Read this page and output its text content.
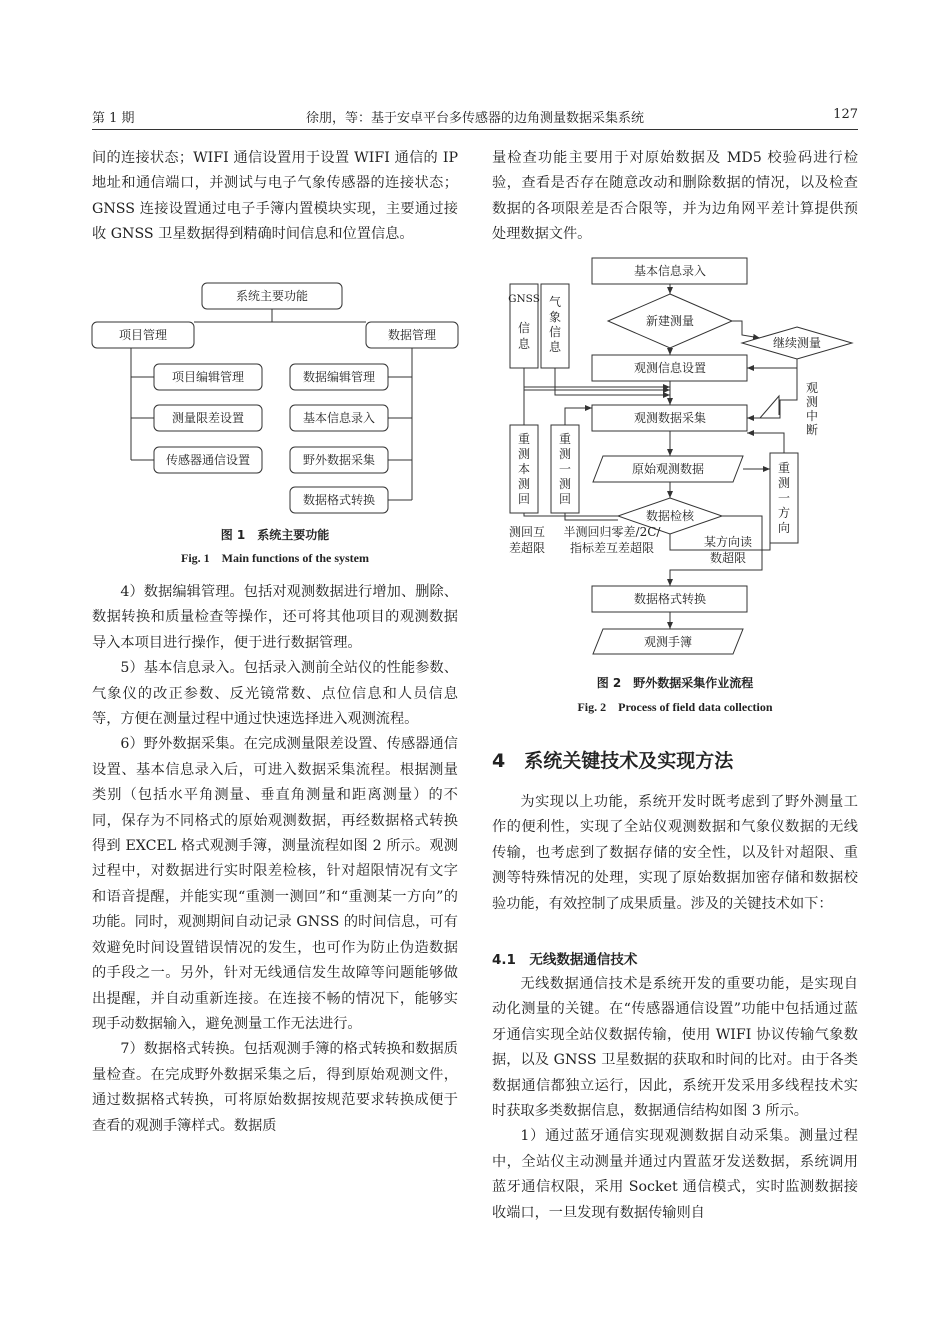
第 1 期	徐朋，等：基于安卓平台多传感器的边角测量数据采集系统	127

间的连接状态；WIFI 通信设置用于设置 WIFI 通信的 IP 地址和通信端口，并测试与电子气象传感器的连接状态；GNSS 连接设置通过电子手簿内置模块实现，主要通过接收 GNSS 卫星数据得到精确时间信息和位置信息。

系统主要功能
项目管理	数据管理
项目编辑管理
测量限差设置
传感器通信设置
数据编辑管理
基本信息录入
野外数据采集
数据格式转换
图 1　系统主要功能
Fig. 1　Main functions of the system

4）数据编辑管理。包括对观测数据进行增加、删除、数据转换和质量检查等操作，还可将其他项目的观测数据导入本项目进行操作，便于进行数据管理。

5）基本信息录入。包括录入测前全站仪的性能参数、气象仪的改正参数、反光镜常数、点位信息和人员信息等，方便在测量过程中通过快速选择进入观测流程。

6）野外数据采集。在完成测量限差设置、传感器通信设置、基本信息录入后，可进入数据采集流程。根据测量类别（包括水平角测量、垂直角测量和距离测量）的不同，保存为不同格式的原始观测数据，再经数据格式转换得到 EXCEL 格式观测手簿，测量流程如图 2 所示。观测过程中，对数据进行实时限差检核，针对超限情况有文字和语音提醒，并能实现“重测一测回”和“重测某一方向”的功能。同时，观测期间自动记录 GNSS 的时间信息，可有效避免时间设置错误情况的发生，也可作为防止伪造数据的手段之一。另外，针对无线通信发生故障等问题能够做出提醒，并自动重新连接。在连接不畅的情况下，能够实现手动数据输入，避免测量工作无法进行。

7）数据格式转换。包括观测手簿的格式转换和数据质量检查。在完成野外数据采集之后，得到原始观测文件，通过数据格式转换，可将原始数据按规范要求转换成便于查看的观测手簿样式。数据质

量检查功能主要用于对原始数据及 MD5 校验码进行检验，查看是否存在随意改动和删除数据的情况，以及检查数据的各项限差是否合限等，并为边角网平差计算提供预处理数据文件。

基本信息录入
新建测量
继续测量
观测信息设置
观测数据采集
原始观测数据
数据检核
数据格式转换
观测手簿
GNSS
信
息
气
象
信
息
观
测
中
断
重
测
本
测
回
重
测
一
测
回
重
测
一
方
向
测回互
差超限
半测回归零差/2C/
指标差互差超限	某方向读
数超限
图 2　野外数据采集作业流程
Fig. 2　Process of field data collection
4　系统关键技术及实现方法

为实现以上功能，系统开发时既考虑到了野外测量工作的便利性，实现了全站仪观测数据和气象仪数据的无线传输，也考虑到了数据存储的安全性，以及针对超限、重测等特殊情况的处理，实现了原始数据加密存储和数据校验功能，有效控制了成果质量。涉及的关键技术如下：

4.1　无线数据通信技术

无线数据通信技术是系统开发的重要功能，是实现自动化测量的关键。在“传感器通信设置”功能中包括通过蓝牙通信实现全站仪数据传输，使用 WIFI 协议传输气象数据，以及 GNSS 卫星数据的获取和时间的比对。由于各类数据通信都独立运行，因此，系统开发采用多线程技术实时获取多类数据信息，数据通信结构如图 3 所示。

1）通过蓝牙通信实现观测数据自动采集。测量过程中，全站仪主动测量并通过内置蓝牙发送数据，系统调用蓝牙通信权限，采用 Socket 通信模式，实时监测数据接收端口，一旦发现有数据传输则自
